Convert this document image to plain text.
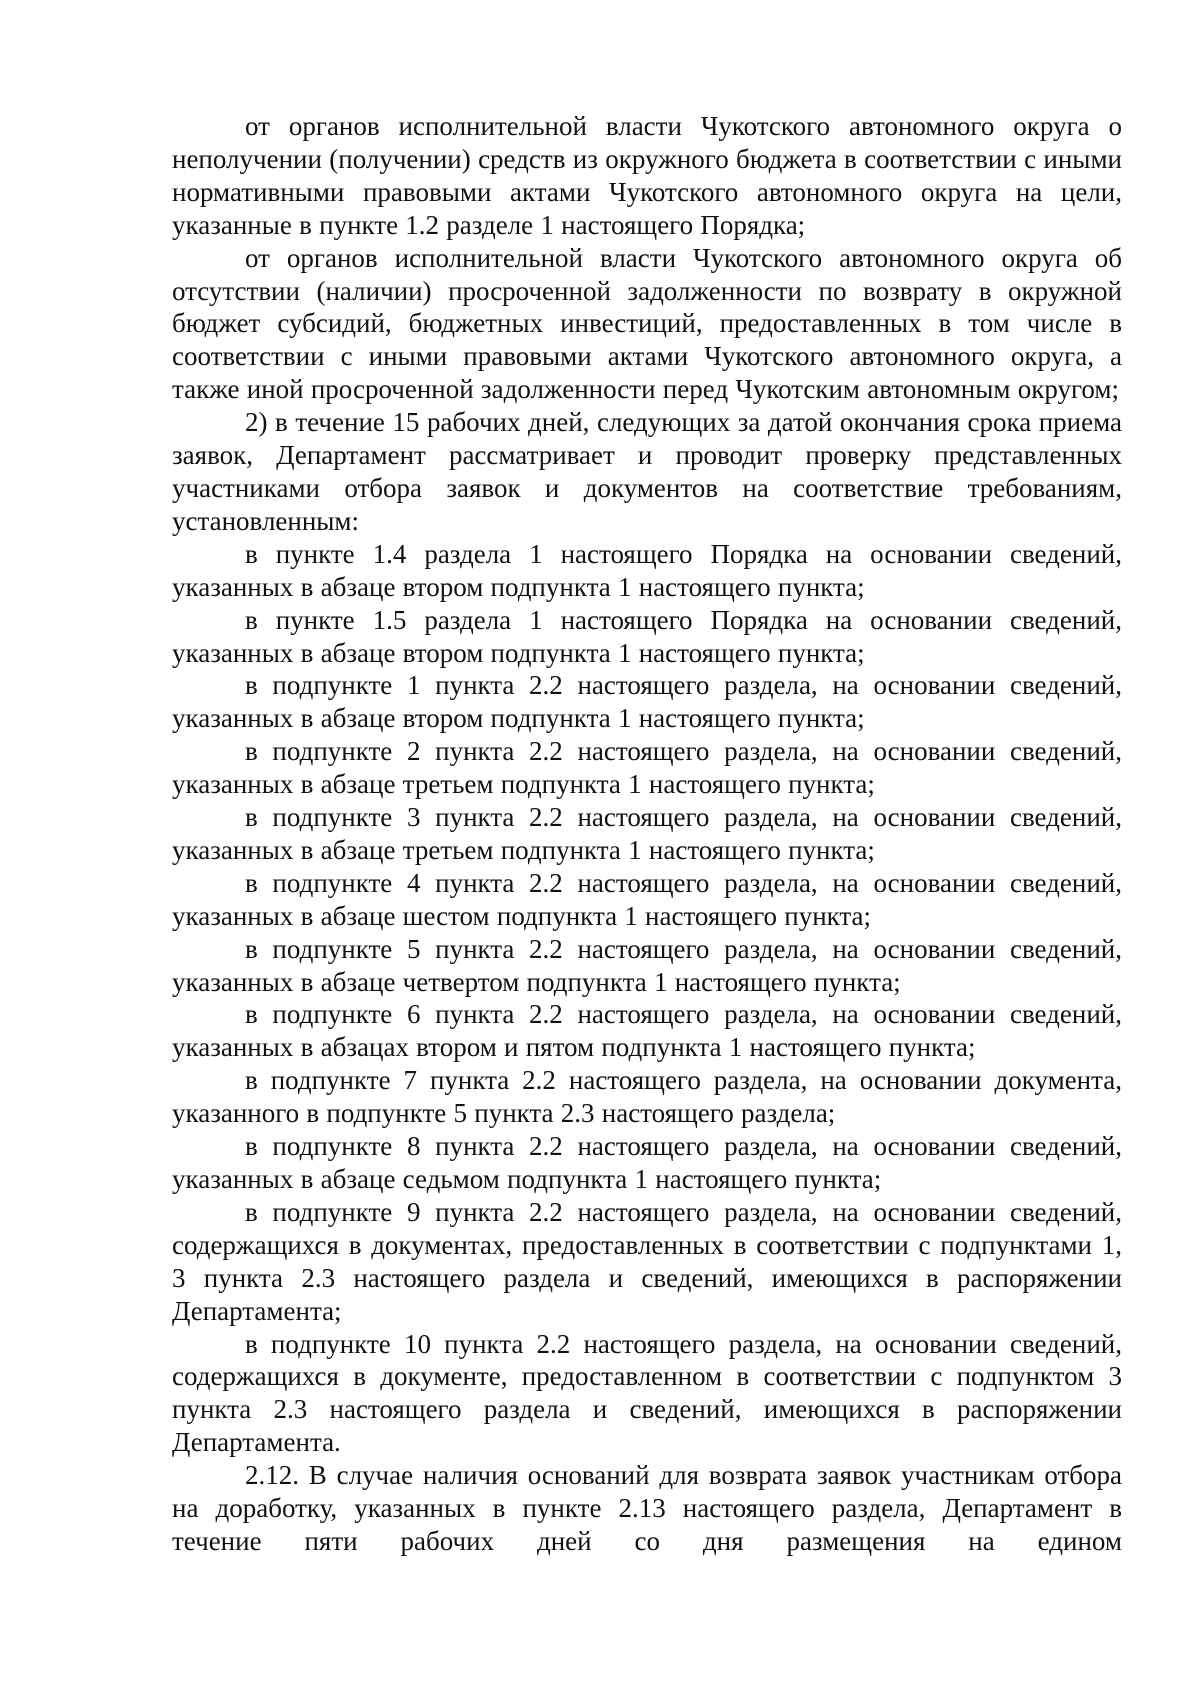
от органов исполнительной власти Чукотского автономного округа о неполучении (получении) средств из окружного бюджета в соответствии с иными нормативными правовыми актами Чукотского автономного округа на цели, указанные в пункте 1.2 разделе 1 настоящего Порядка;

от органов исполнительной власти Чукотского автономного округа об отсутствии (наличии) просроченной задолженности по возврату в окружной бюджет субсидий, бюджетных инвестиций, предоставленных в том числе в соответствии с иными правовыми актами Чукотского автономного округа, а также иной просроченной задолженности перед Чукотским автономным округом;

2) в течение 15 рабочих дней, следующих за датой окончания срока приема заявок, Департамент рассматривает и проводит проверку представленных участниками отбора заявок и документов на соответствие требованиям, установленным:

в пункте 1.4 раздела 1 настоящего Порядка на основании сведений, указанных в абзаце втором подпункта 1 настоящего пункта;

в пункте 1.5 раздела 1 настоящего Порядка на основании сведений, указанных в абзаце втором подпункта 1 настоящего пункта;

в подпункте 1 пункта 2.2 настоящего раздела, на основании сведений, указанных в абзаце втором подпункта 1 настоящего пункта;

в подпункте 2 пункта 2.2 настоящего раздела, на основании сведений, указанных в абзаце третьем подпункта 1 настоящего пункта;

в подпункте 3 пункта 2.2 настоящего раздела, на основании сведений, указанных в абзаце третьем подпункта 1 настоящего пункта;

в подпункте 4 пункта 2.2 настоящего раздела, на основании сведений, указанных в абзаце шестом подпункта 1 настоящего пункта;

в подпункте 5 пункта 2.2 настоящего раздела, на основании сведений, указанных в абзаце четвертом подпункта 1 настоящего пункта;

в подпункте 6 пункта 2.2 настоящего раздела, на основании сведений, указанных в абзацах втором и пятом подпункта 1 настоящего пункта;

в подпункте 7 пункта 2.2 настоящего раздела, на основании документа, указанного в подпункте 5 пункта 2.3 настоящего раздела;

в подпункте 8 пункта 2.2 настоящего раздела, на основании сведений, указанных в абзаце седьмом подпункта 1 настоящего пункта;

в подпункте 9 пункта 2.2 настоящего раздела, на основании сведений, содержащихся в документах, предоставленных в соответствии с подпунктами 1, 3 пункта 2.3 настоящего раздела и сведений, имеющихся в распоряжении Департамента;

в подпункте 10 пункта 2.2 настоящего раздела, на основании сведений, содержащихся в документе, предоставленном в соответствии с подпунктом 3 пункта 2.3 настоящего раздела и сведений, имеющихся в распоряжении Департамента.

2.12. В случае наличия оснований для возврата заявок участникам отбора на доработку, указанных в пункте 2.13 настоящего раздела, Департамент в течение пяти рабочих дней со дня размещения на едином
